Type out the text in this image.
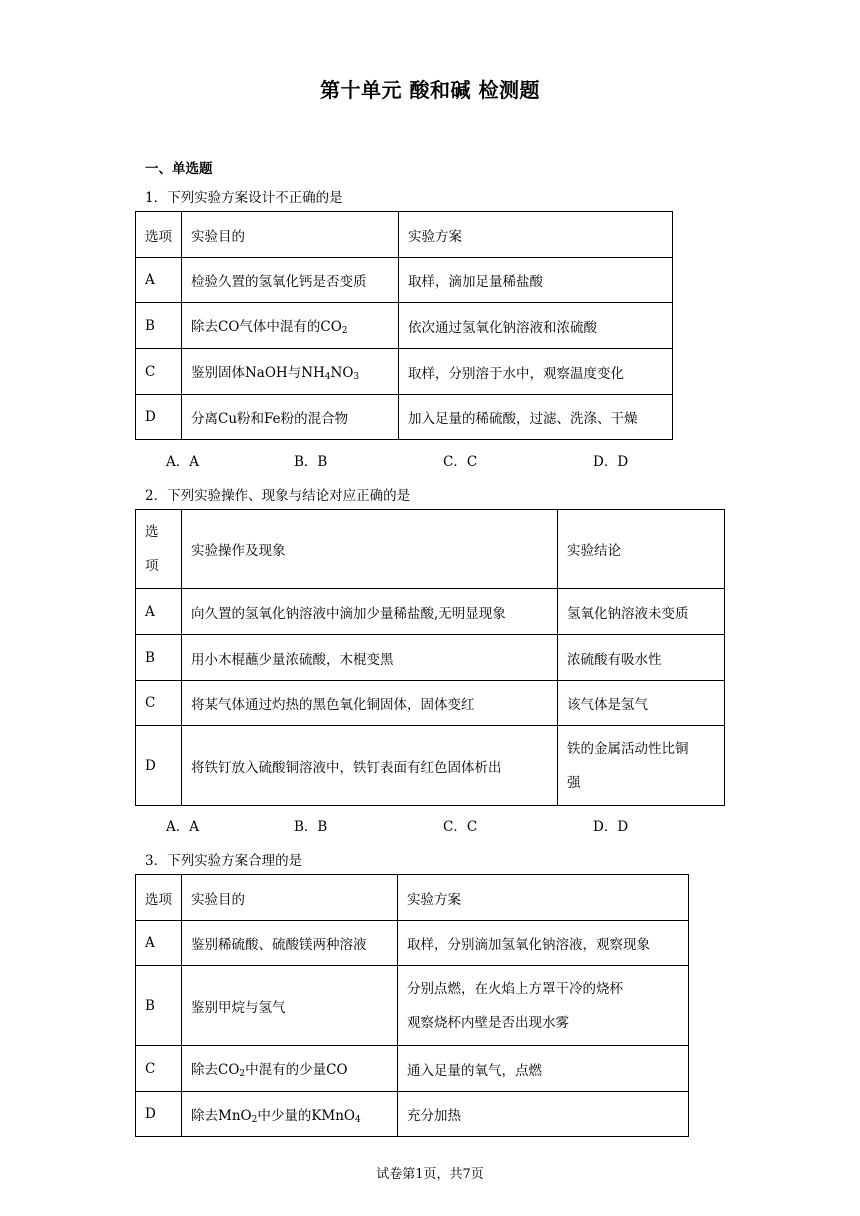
第十单元 酸和碱 检测题
一、单选题
1．下列实验方案设计不正确的是
选项	实验目的	实验方案
A	检验久置的氢氧化钙是否变质	取样，滴加足量稀盐酸
B	除去CO气体中混有的$CO_2$	依次通过氢氧化钠溶液和浓硫酸
C	鉴别固体NaOH与$NH_4NO_3$	取样，分别溶于水中，观察温度变化
D	分离Cu粉和Fe粉的混合物	加入足量的稀硫酸，过滤、洗涤、干燥
A．A	B．B	C．C	D．D
2．下列实验操作、现象与结论对应正确的是
选
项	实验操作及现象	实验结论
A	向久置的氢氧化钠溶液中滴加少量稀盐酸,无明显现象	氢氧化钠溶液未变质
B	用小木棍蘸少量浓硫酸，木棍变黑	浓硫酸有吸水性
C	将某气体通过灼热的黑色氧化铜固体，固体变红	该气体是氢气
D	将铁钉放入硫酸铜溶液中，铁钉表面有红色固体析出	铁的金属活动性比铜
强
A．A	B．B	C．C	D．D
3．下列实验方案合理的是
选项	实验目的	实验方案
A	鉴别稀硫酸、硫酸镁两种溶液	取样，分别滴加氢氧化钠溶液，观察现象
B	鉴别甲烷与氢气	分别点燃，在火焰上方罩干冷的烧杯
观察烧杯内壁是否出现水雾
C	除去$CO_2$中混有的少量CO	通入足量的氧气，点燃
D	除去MnO$_2$中少量的KMnO$_4$	充分加热
试卷第1页，共7页
